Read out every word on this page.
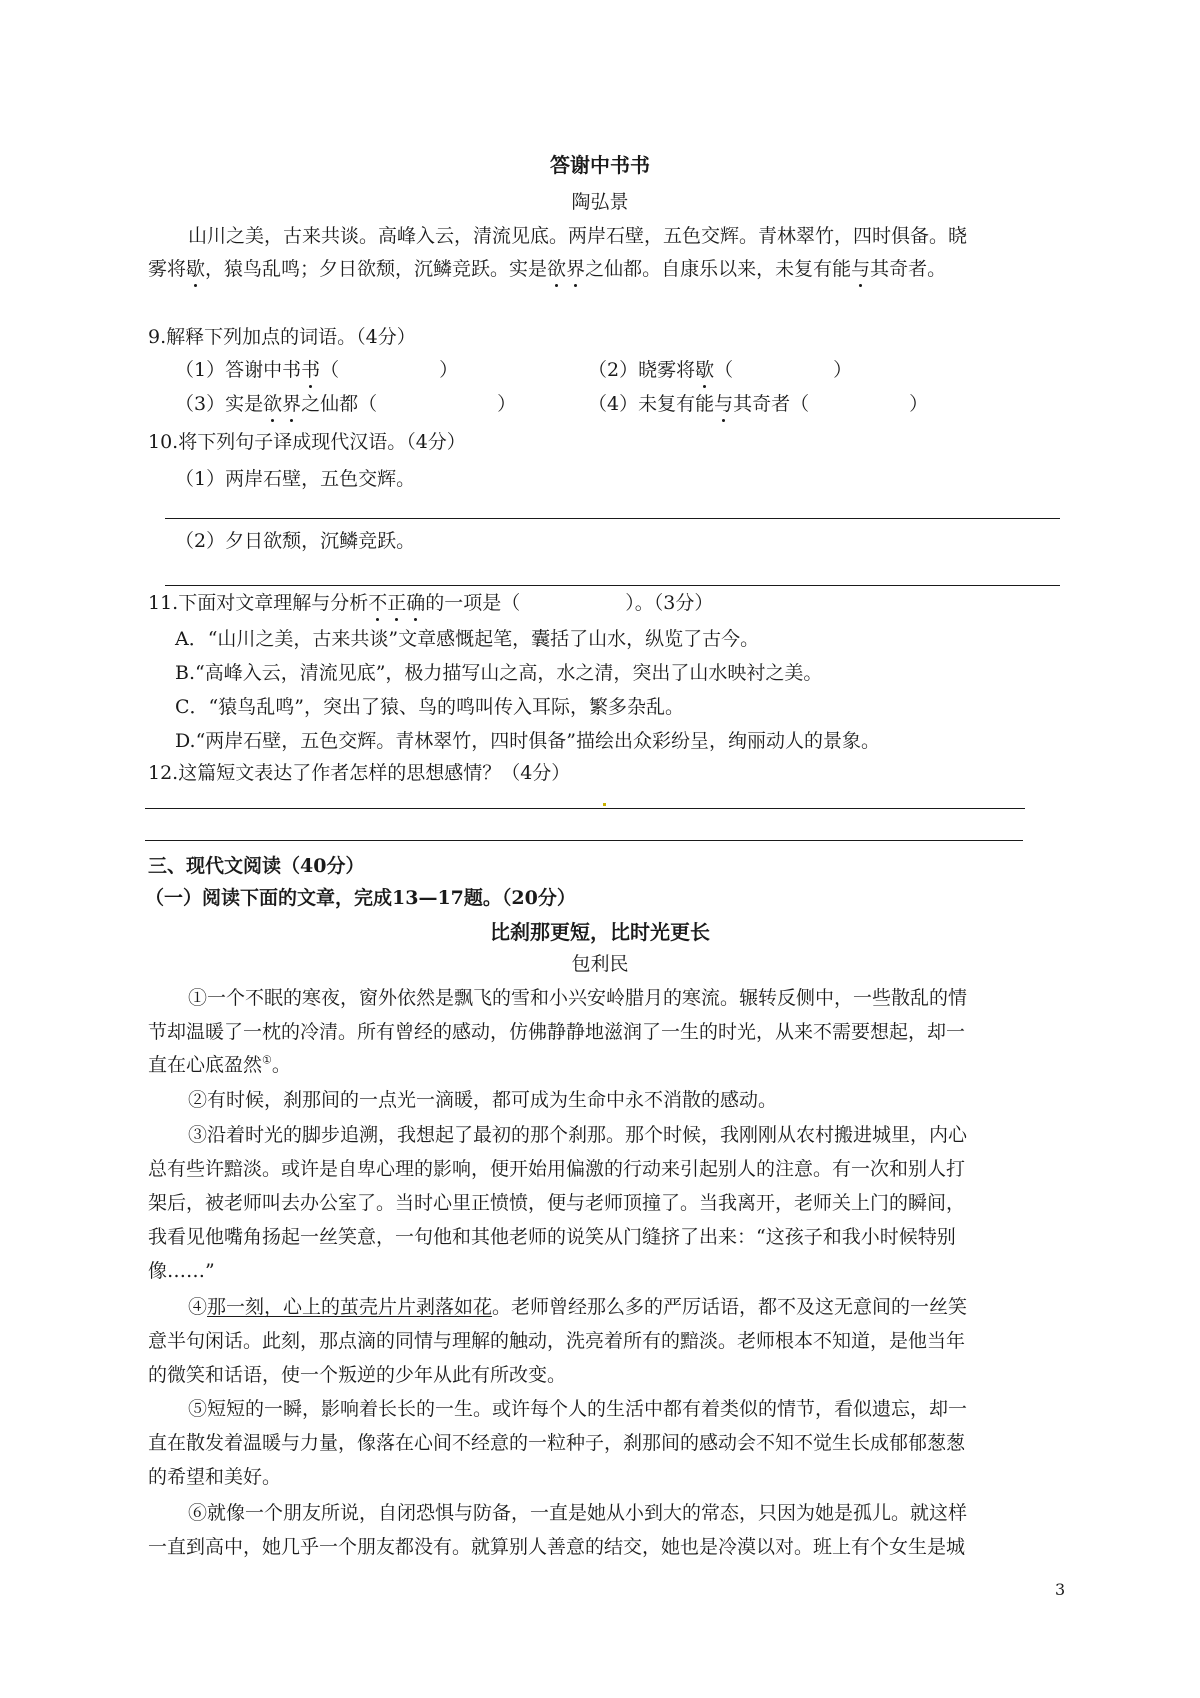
答谢中书书
陶弘景
山川之美，古来共谈。高峰入云，清流见底。两岸石壁，五色交辉。青林翠竹，四时俱备。晓
雾将歇，猿鸟乱鸣；夕日欲颓，沉鳞竞跃。实是欲界之仙都。自康乐以来，未复有能与其奇者。
9.解释下列加点的词语。（4分）
（1）答谢中书书（	）	（2）晓雾将歇（	）
（3）实是欲界之仙都（	）	（4）未复有能与其奇者（	）
10.将下列句子译成现代汉语。（4分）
（1）两岸石壁，五色交辉。
（2）夕日欲颓，沉鳞竞跃。
11.下面对文章理解与分析不正确的一项是（	）。（3分）
A．“山川之美，古来共谈”文章感慨起笔，囊括了山水，纵览了古今。
B.“高峰入云，清流见底”，极力描写山之高，水之清，突出了山水映衬之美。
C．“猿鸟乱鸣”，突出了猿、鸟的鸣叫传入耳际，繁多杂乱。
D.“两岸石壁，五色交辉。青林翠竹，四时俱备”描绘出众彩纷呈，绚丽动人的景象。
12.这篇短文表达了作者怎样的思想感情？（4分）
三、现代文阅读（40分）
（一）阅读下面的文章，完成13—17题。（20分）
比刹那更短，比时光更长
包利民
①一个不眠的寒夜，窗外依然是飘飞的雪和小兴安岭腊月的寒流。辗转反侧中，一些散乱的情
节却温暖了一枕的冷清。所有曾经的感动，仿佛静静地滋润了一生的时光，从来不需要想起，却一
直在心底盈然①。
②有时候，刹那间的一点光一滴暖，都可成为生命中永不消散的感动。
③沿着时光的脚步追溯，我想起了最初的那个刹那。那个时候，我刚刚从农村搬进城里，内心
总有些许黯淡。或许是自卑心理的影响，便开始用偏激的行动来引起别人的注意。有一次和别人打
架后，被老师叫去办公室了。当时心里正愤愤，便与老师顶撞了。当我离开，老师关上门的瞬间，
我看见他嘴角扬起一丝笑意，一句他和其他老师的说笑从门缝挤了出来：“这孩子和我小时候特别
像……”
④那一刻，心上的茧壳片片剥落如花。老师曾经那么多的严厉话语，都不及这无意间的一丝笑
意半句闲话。此刻，那点滴的同情与理解的触动，洗亮着所有的黯淡。老师根本不知道，是他当年
的微笑和话语，使一个叛逆的少年从此有所改变。
⑤短短的一瞬，影响着长长的一生。或许每个人的生活中都有着类似的情节，看似遗忘，却一
直在散发着温暖与力量，像落在心间不经意的一粒种子，刹那间的感动会不知不觉生长成郁郁葱葱
的希望和美好。
⑥就像一个朋友所说，自闭恐惧与防备，一直是她从小到大的常态，只因为她是孤儿。就这样
一直到高中，她几乎一个朋友都没有。就算别人善意的结交，她也是冷漠以对。班上有个女生是城
3
